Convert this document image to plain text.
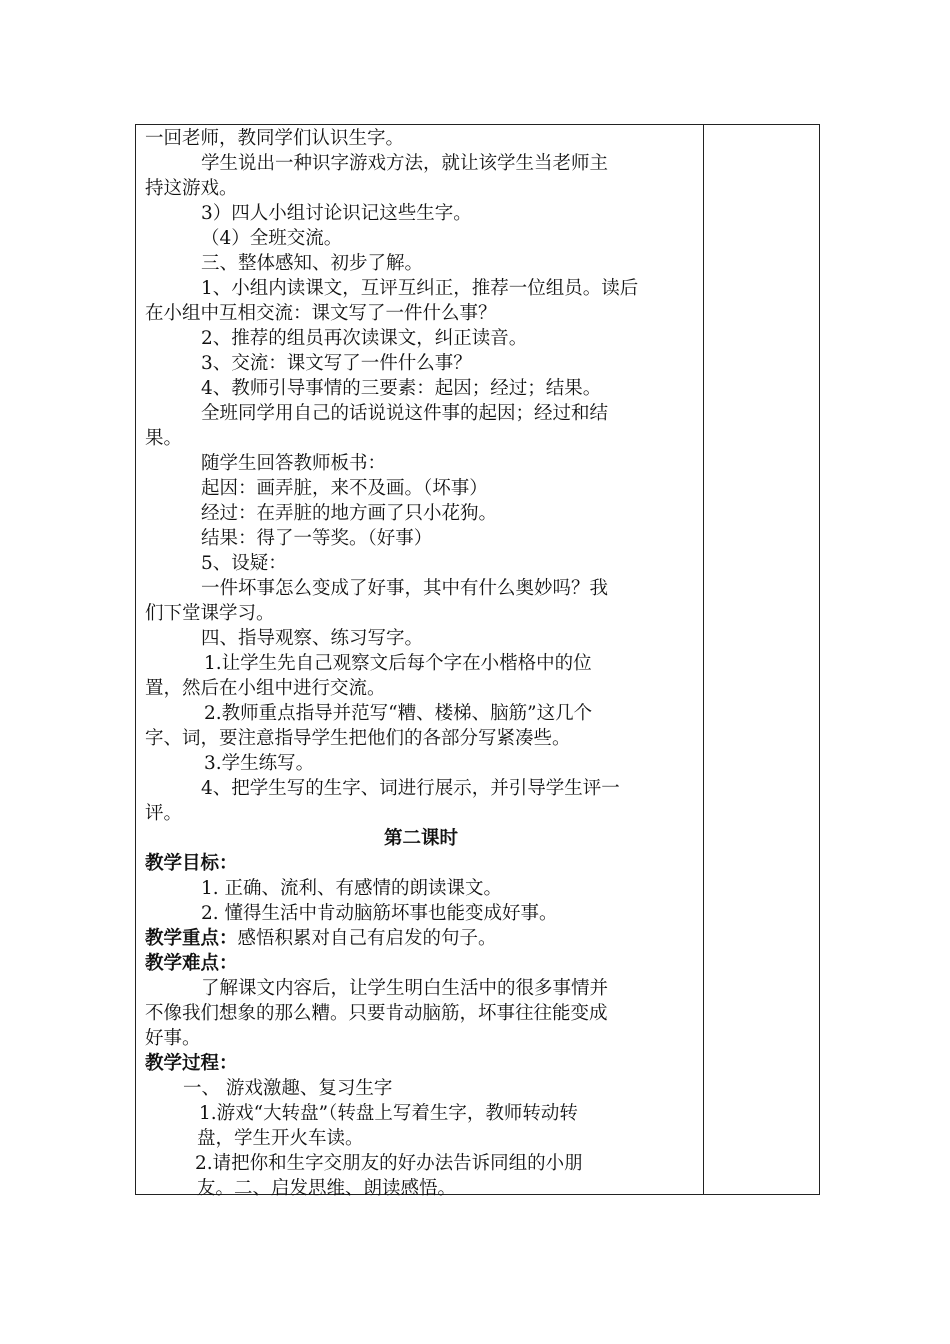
一回老师，教同学们认识生字。
学生说出一种识字游戏方法，就让该学生当老师主
持这游戏。
3）四人小组讨论识记这些生字。
（4）全班交流。
三、整体感知、初步了解。
1、小组内读课文，互评互纠正，推荐一位组员。读后
在小组中互相交流：课文写了一件什么事？
2、推荐的组员再次读课文，纠正读音。
3、交流：课文写了一件什么事？
4、教师引导事情的三要素：起因；经过；结果。
全班同学用自己的话说说这件事的起因；经过和结
果。
随学生回答教师板书：
起因：画弄脏，来不及画。（坏事）
经过：在弄脏的地方画了只小花狗。
结果：得了一等奖。（好事）
5、设疑：
一件坏事怎么变成了好事，其中有什么奥妙吗？我
们下堂课学习。
四、指导观察、练习写字。
1.让学生先自己观察文后每个字在小楷格中的位
置，然后在小组中进行交流。
2.教师重点指导并范写“糟、楼梯、脑筋”这几个
字、词，要注意指导学生把他们的各部分写紧凑些。
3.学生练写。
4、把学生写的生字、词进行展示，并引导学生评一
评。
第二课时
教学目标：
1. 正确、流利、有感情的朗读课文。
2. 懂得生活中肯动脑筋坏事也能变成好事。
教学重点：感悟积累对自己有启发的句子。
教学难点：
了解课文内容后，让学生明白生活中的很多事情并
不像我们想象的那么糟。只要肯动脑筋，坏事往往能变成
好事。
教学过程：
一、 游戏激趣、复习生字
1.游戏“大转盘”（转盘上写着生字，教师转动转
盘，学生开火车读。
2.请把你和生字交朋友的好办法告诉同组的小朋
友。二、启发思维、朗读感悟。
